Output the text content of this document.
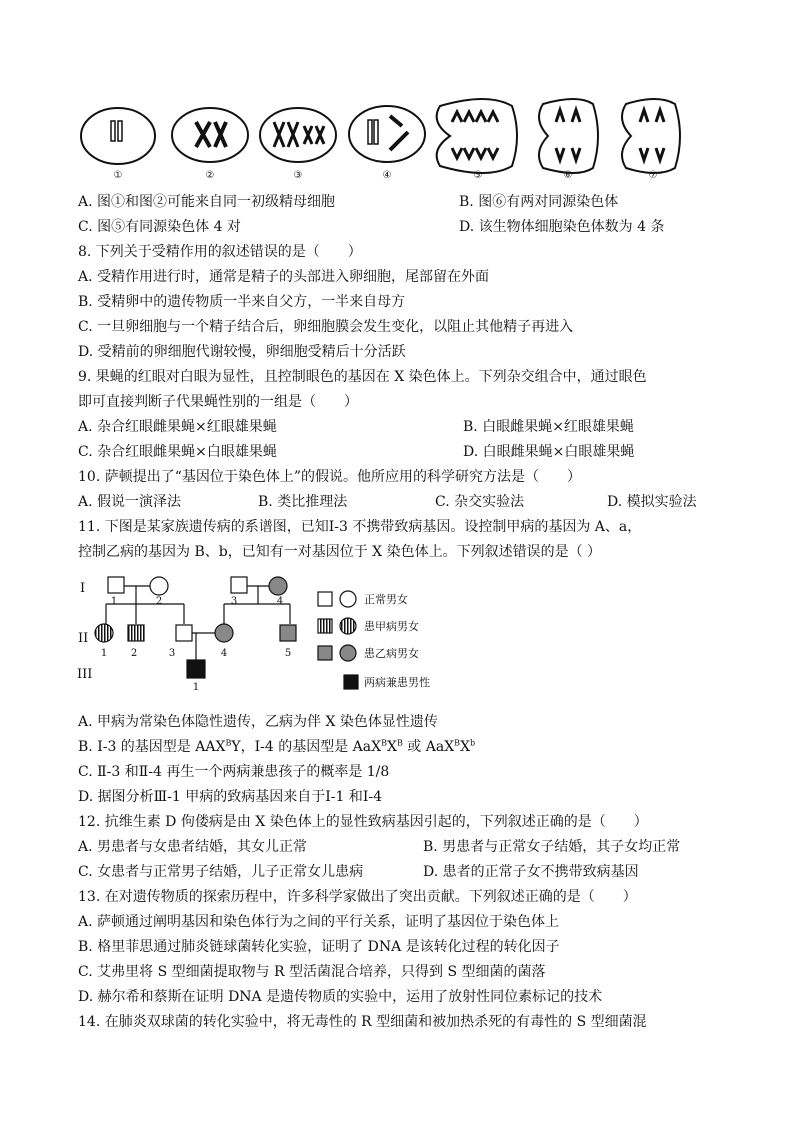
①	②	③	④	⑤	⑥	⑦
A. 图①和图②可能来自同一初级精母细胞	B. 图⑥有两对同源染色体
C. 图⑤有同源染色体 4 对	D. 该生物体细胞染色体数为 4 条
8. 下列关于受精作用的叙述错误的是（　　）
A. 受精作用进行时，通常是精子的头部进入卵细胞，尾部留在外面
B. 受精卵中的遗传物质一半来自父方，一半来自母方
C. 一旦卵细胞与一个精子结合后，卵细胞膜会发生变化，以阻止其他精子再进入
D. 受精前的卵细胞代谢较慢，卵细胞受精后十分活跃
9. 果蝇的红眼对白眼为显性，且控制眼色的基因在 X 染色体上。下列杂交组合中，通过眼色
即可直接判断子代果蝇性别的一组是（　　）
A. 杂合红眼雌果蝇×红眼雄果蝇	B. 白眼雌果蝇×红眼雄果蝇
C. 杂合红眼雌果蝇×白眼雄果蝇	D. 白眼雌果蝇×白眼雄果蝇
10. 萨顿提出了“基因位于染色体上”的假说。他所应用的科学研究方法是（　　）
A. 假说一演泽法	B. 类比推理法	C. 杂交实验法	D. 模拟实验法
11. 下图是某家族遗传病的系谱图，已知Ⅰ-3 不携带致病基因。设控制甲病的基因为 A、a，
控制乙病的基因为 B、b，已知有一对基因位于 X 染色体上。下列叙述错误的是（ ）
I
II
III
1	2	3	4
1 2	3	4	5
1
正常男女
患甲病男女
患乙病男女
两病兼患男性
A. 甲病为常染色体隐性遗传，乙病为伴 X 染色体显性遗传
B. Ⅰ-3 的基因型是 $AAX^BY$，Ⅰ-4 的基因型是 $AaX^BX^B$ 或 $AaX^BX^b$
C. Ⅱ-3 和Ⅱ-4 再生一个两病兼患孩子的概率是 1/8
D. 据图分析Ⅲ-1 甲病的致病基因来自于Ⅰ-1 和Ⅰ-4
12. 抗维生素 D 佝偻病是由 X 染色体上的显性致病基因引起的，下列叙述正确的是（　　）
A. 男患者与女患者结婚，其女儿正常	B. 男患者与正常女子结婚，其子女均正常
C. 女患者与正常男子结婚，儿子正常女儿患病	D. 患者的正常子女不携带致病基因
13. 在对遗传物质的探索历程中，许多科学家做出了突出贡献。下列叙述正确的是（　　）
A. 萨顿通过阐明基因和染色体行为之间的平行关系，证明了基因位于染色体上
B. 格里菲思通过肺炎链球菌转化实验，证明了 DNA 是该转化过程的转化因子
C. 艾弗里将 S 型细菌提取物与 R 型活菌混合培养，只得到 S 型细菌的菌落
D. 赫尔希和蔡斯在证明 DNA 是遗传物质的实验中，运用了放射性同位素标记的技术
14. 在肺炎双球菌的转化实验中，将无毒性的 R 型细菌和被加热杀死的有毒性的 S 型细菌混
